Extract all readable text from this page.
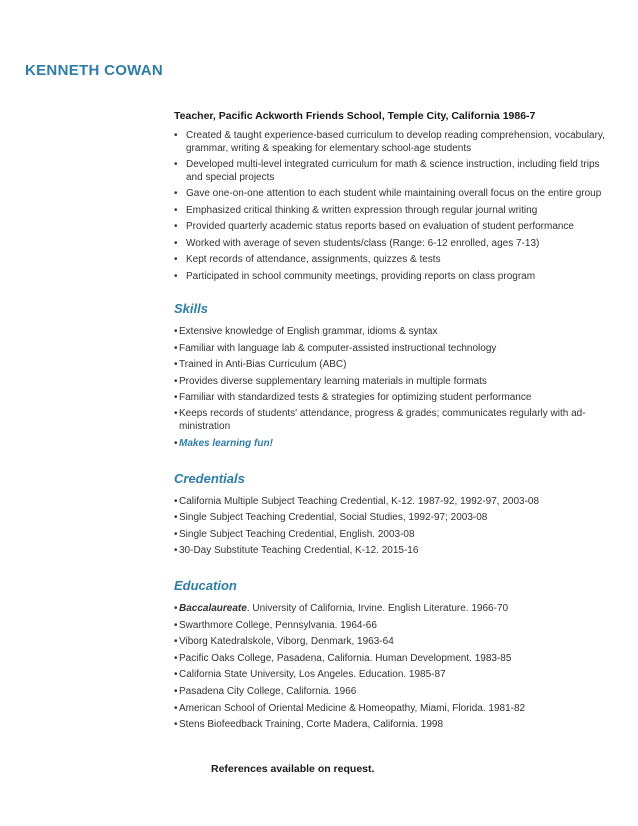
KENNETH COWAN
Teacher, Pacific Ackworth Friends School, Temple City, California 1986-7
• Created & taught experience-based curriculum to develop reading comprehension, vocabulary, grammar, writing & speaking for elementary school-age students
• Developed multi-level integrated curriculum for math & science instruction, including field trips and special projects
• Gave one-on-one attention to each student while maintaining overall focus on the entire group
• Emphasized critical thinking & written expression through regular journal writing
• Provided quarterly academic status reports based on evaluation of student performance
• Worked with average of seven students/class (Range: 6-12 enrolled, ages 7-13)
• Kept records of attendance, assignments, quizzes & tests
• Participated in school community meetings, providing reports on class program
Skills
• Extensive knowledge of English grammar, idioms & syntax
• Familiar with language lab & computer-assisted instructional technology
• Trained in Anti-Bias Curriculum (ABC)
• Provides diverse supplementary learning materials in multiple formats
• Familiar with standardized tests & strategies for optimizing student performance
• Keeps records of students' attendance, progress & grades; communicates regularly with ad-ministration
• Makes learning fun!
Credentials
• California Multiple Subject Teaching Credential, K-12. 1987-92, 1992-97, 2003-08
• Single Subject Teaching Credential, Social Studies, 1992-97; 2003-08
• Single Subject Teaching Credential, English. 2003-08
• 30-Day Substitute Teaching Credential, K-12. 2015-16
Education
• Baccalaureate. University of California, Irvine. English Literature. 1966-70
• Swarthmore College, Pennsylvania. 1964-66
• Viborg Katedralskole, Viborg, Denmark, 1963-64
• Pacific Oaks College, Pasadena, California. Human Development. 1983-85
• California State University, Los Angeles. Education. 1985-87
• Pasadena City College, California. 1966
• American School of Oriental Medicine & Homeopathy, Miami, Florida. 1981-82
• Stens Biofeedback Training, Corte Madera, California. 1998
References available on request.
